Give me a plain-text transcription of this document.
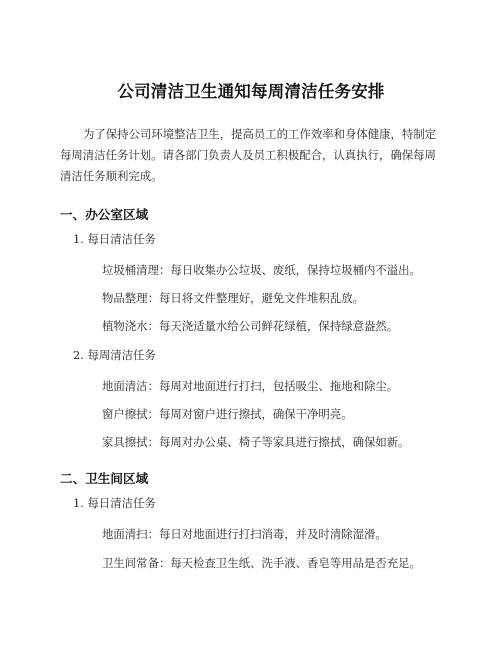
公司清洁卫生通知每周清洁任务安排
为了保持公司环境整洁卫生，提高员工的工作效率和身体健康，特制定每周清洁任务计划。请各部门负责人及员工积极配合，认真执行，确保每周清洁任务顺利完成。
一、办公室区域
1. 每日清洁任务
垃圾桶清理：每日收集办公垃圾、废纸，保持垃圾桶内不溢出。
物品整理：每日将文件整理好，避免文件堆积乱放。
植物浇水：每天浇适量水给公司鲜花绿植，保持绿意盎然。
2. 每周清洁任务
地面清洁：每周对地面进行打扫，包括吸尘、拖地和除尘。
窗户擦拭：每周对窗户进行擦拭，确保干净明亮。
家具擦拭：每周对办公桌、椅子等家具进行擦拭，确保如新。
二、卫生间区域
1. 每日清洁任务
地面清扫：每日对地面进行打扫消毒，并及时清除湿滑。
卫生间常备：每天检查卫生纸、洗手液、香皂等用品是否充足。
